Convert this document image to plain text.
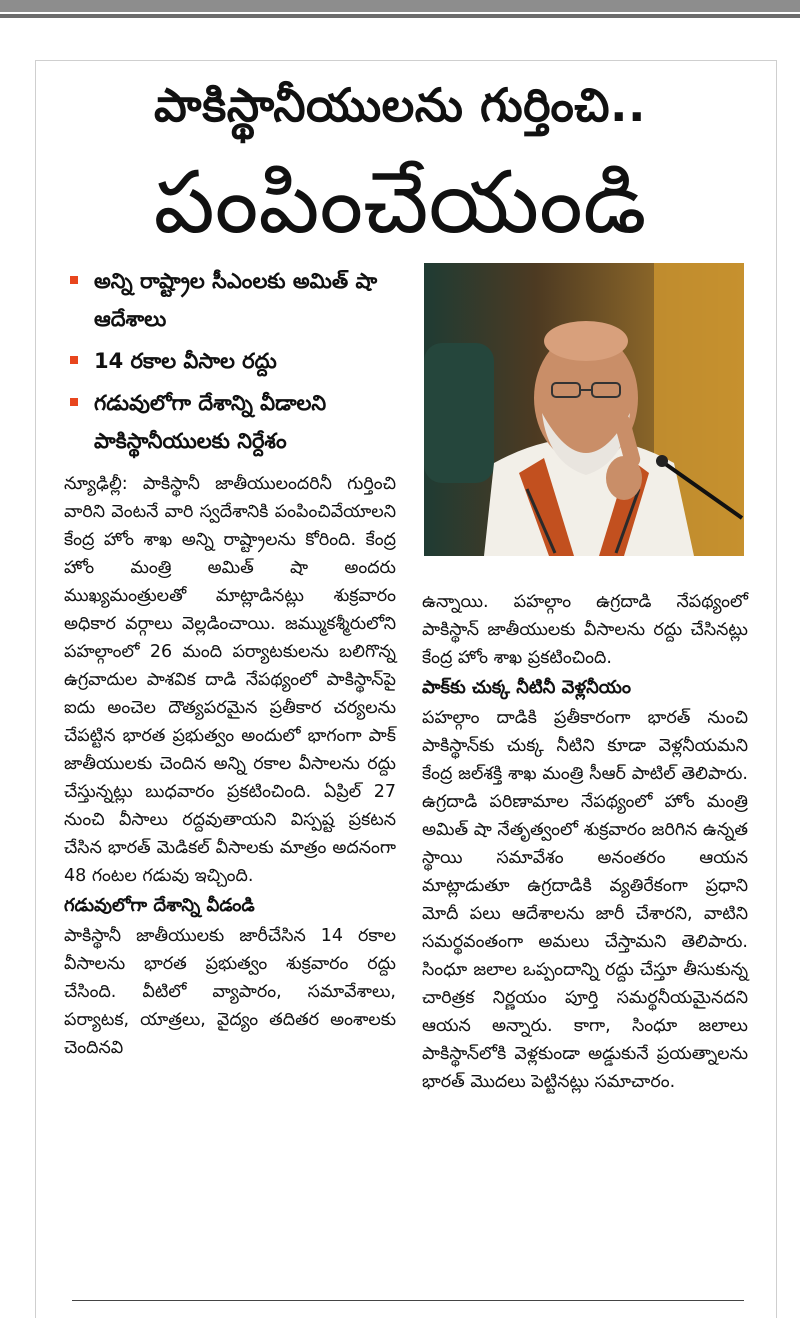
పాకిస్థానీయులను గుర్తించి..
పంపించేయండి
అన్ని రాష్ట్రాల సీఎంలకు అమిత్ షా ఆదేశాలు
14 రకాల వీసాల రద్దు
గడువులోగా దేశాన్ని వీడాలని పాకిస్థానీయులకు నిర్దేశం

న్యూఢిల్లీ: పాకిస్థానీ జాతీయులందరినీ గుర్తించి వారిని వెంటనే వారి స్వదేశానికి పంపించివేయాలని కేంద్ర హోం శాఖ అన్ని రాష్ట్రాలను కోరింది. కేంద్ర హోం మంత్రి అమిత్ షా అందరు ముఖ్యమంత్రులతో మాట్లాడినట్లు శుక్రవారం అధికార వర్గాలు వెల్లడించాయి. జమ్ముకశ్మీరులోని పహల్గాంలో 26 మంది పర్యాటకులను బలిగొన్న ఉగ్రవాదుల పాశవిక దాడి నేపథ్యంలో పాకిస్థాన్‌పై ఐదు అంచెల దౌత్యపరమైన ప్రతీకార చర్యలను చేపట్టిన భారత ప్రభుత్వం అందులో భాగంగా పాక్ జాతీయులకు చెందిన అన్ని రకాల వీసాలను రద్దు చేస్తున్నట్లు బుధవారం ప్రకటించింది. ఏప్రిల్ 27 నుంచి వీసాలు రద్దవుతాయని విస్పష్ట ప్రకటన చేసిన భారత్ మెడికల్ వీసాలకు మాత్రం అదనంగా 48 గంటల గడువు ఇచ్చింది.

గడువులోగా దేశాన్ని వీడండి

పాకిస్థానీ జాతీయులకు జారీచేసిన 14 రకాల వీసాలను భారత ప్రభుత్వం శుక్రవారం రద్దు చేసింది. వీటిలో వ్యాపారం, సమావేశాలు, పర్యాటక, యాత్రలు, వైద్యం తదితర అంశాలకు చెందినవి

ఉన్నాయి. పహల్గాం ఉగ్రదాడి నేపథ్యంలో పాకిస్థాన్ జాతీయులకు వీసాలను రద్దు చేసినట్లు కేంద్ర హోం శాఖ ప్రకటించింది.

పాక్‌కు చుక్క నీటినీ వెళ్లనీయం

పహల్గాం దాడికి ప్రతీకారంగా భారత్ నుంచి పాకిస్థాన్‌కు చుక్క నీటిని కూడా వెళ్లనీయమని కేంద్ర జల్‌శక్తి శాఖ మంత్రి సీఆర్ పాటిల్ తెలిపారు. ఉగ్రదాడి పరిణామాల నేపథ్యంలో హోం మంత్రి అమిత్ షా నేతృత్వంలో శుక్రవారం జరిగిన ఉన్నత స్థాయి సమావేశం అనంతరం ఆయన మాట్లాడుతూ ఉగ్రదాడికి వ్యతిరేకంగా ప్రధాని మోదీ పలు ఆదేశాలను జారీ చేశారని, వాటిని సమర్థవంతంగా అమలు చేస్తామని తెలిపారు. సింధూ జలాల ఒప్పందాన్ని రద్దు చేస్తూ తీసుకున్న చారిత్రక నిర్ణయం పూర్తి సమర్థనీయమైనదని ఆయన అన్నారు. కాగా, సింధూ జలాలు పాకిస్థాన్‌లోకి వెళ్లకుండా అడ్డుకునే ప్రయత్నాలను భారత్ మొదలు పెట్టినట్లు సమాచారం.
